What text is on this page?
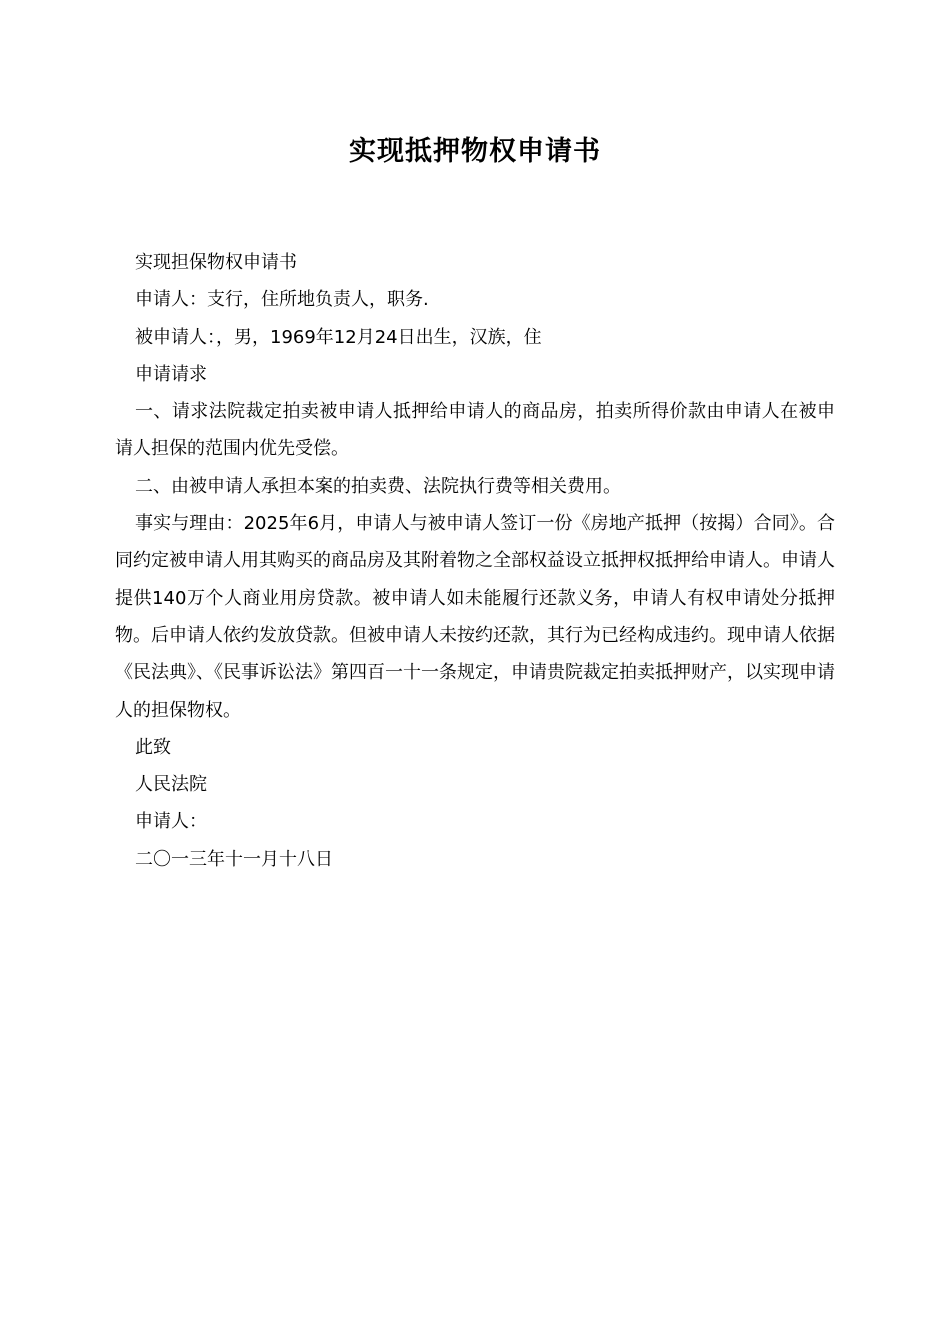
实现抵押物权申请书

实现担保物权申请书

申请人：支行，住所地负责人，职务.

被申请人：，男，1969年12月24日出生，汉族，住

申请请求

一、请求法院裁定拍卖被申请人抵押给申请人的商品房，拍卖所得价款由申请人在被申请人担保的范围内优先受偿。

二、由被申请人承担本案的拍卖费、法院执行费等相关费用。

事实与理由：2025年6月，申请人与被申请人签订一份《房地产抵押（按揭）合同》。合同约定被申请人用其购买的商品房及其附着物之全部权益设立抵押权抵押给申请人。申请人提供140万个人商业用房贷款。被申请人如未能履行还款义务，申请人有权申请处分抵押物。后申请人依约发放贷款。但被申请人未按约还款，其行为已经构成违约。现申请人依据《民法典》、《民事诉讼法》第四百一十一条规定，申请贵院裁定拍卖抵押财产，以实现申请人的担保物权。

此致

人民法院

申请人：

二〇一三年十一月十八日
